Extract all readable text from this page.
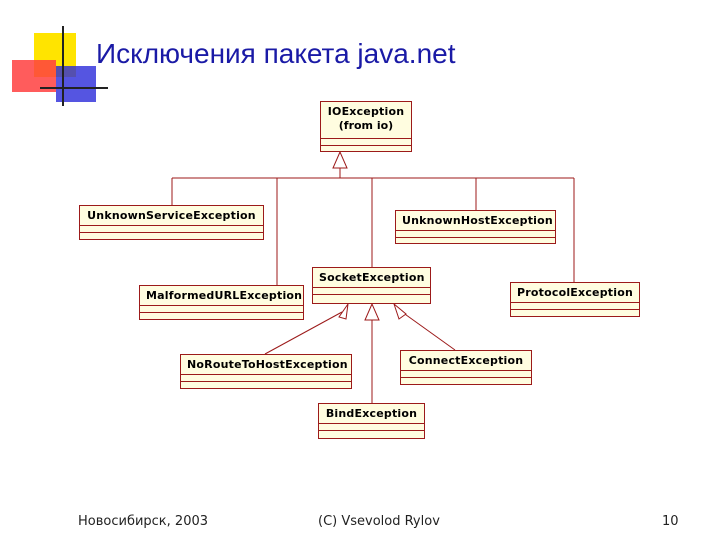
Исключения пакета java.net
IOException
(from io)
UnknownServiceException	UnknownHostException
MalformedURLException
SocketException
ProtocolException
NoRouteToHostException	ConnectException
BindException
Новосибирск, 2003	(C) Vsevolod Rylov	10
